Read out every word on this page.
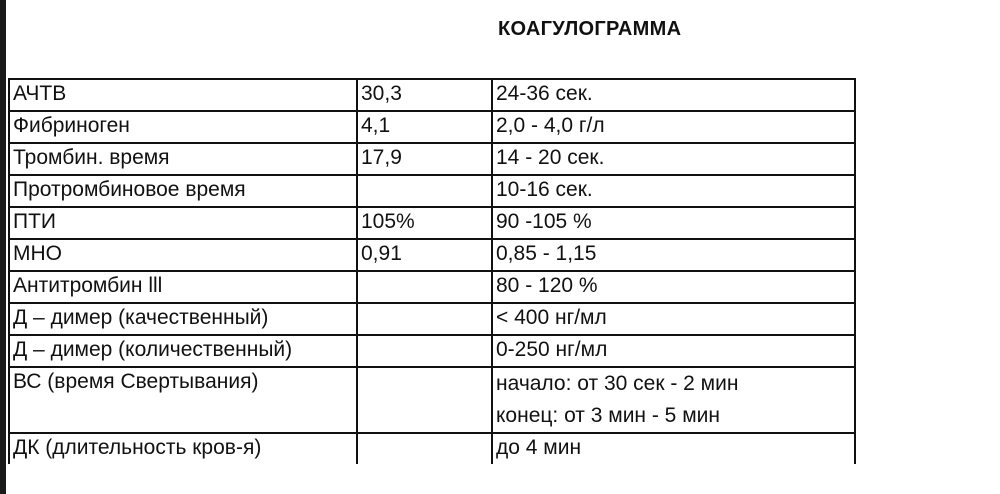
КОАГУЛОГРАММА
АЧТВ	30,3	24-36 сек.
Фибриноген	4,1	2,0 - 4,0 г/л
Тромбин. время	17,9	14 - 20 сек.
Протромбиновое время		10-16 сек.
ПТИ	105%	90 -105 %
МНО	0,91	0,85 - 1,15
Антитромбин lll		80 - 120 %
Д – димер (качественный)		< 400 нг/мл
Д – димер (количественный)		0-250 нг/мл
ВС (время Свертывания)		начало: от 30 сек - 2 мин
конец: от 3 мин - 5 мин

ДК (длительность кров-я)		до 4 мин
